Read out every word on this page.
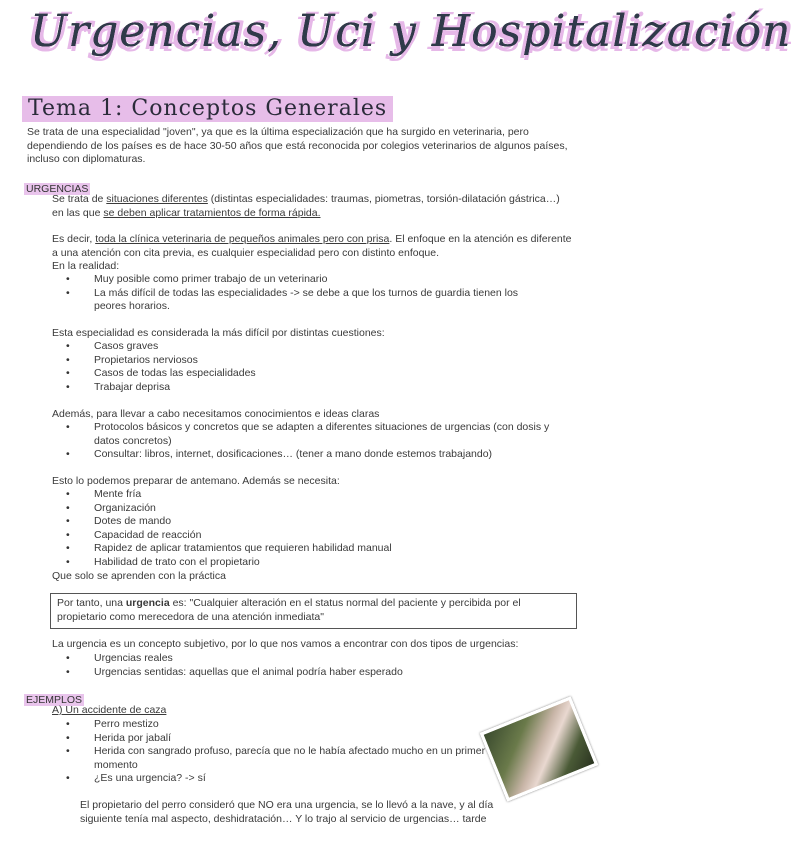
Urgencias, Uci y Hospitalización
Tema 1: Conceptos Generales
Se trata de una especialidad "joven", ya que es la última especialización que ha surgido en veterinaria, pero dependiendo de los países es de hace 30-50 años que está reconocida por colegios veterinarios de algunos países, incluso con diplomaturas.
URGENCIAS
Se trata de situaciones diferentes (distintas especialidades: traumas, piometras, torsión-dilatación gástrica…) en las que se deben aplicar tratamientos de forma rápida.
Es decir, toda la clínica veterinaria de pequeños animales pero con prisa. El enfoque en la atención es diferente a una atención con cita previa, es cualquier especialidad pero con distinto enfoque.
En la realidad:
• Muy posible como primer trabajo de un veterinario
• La más difícil de todas las especialidades -> se debe a que los turnos de guardia tienen los peores horarios.
Esta especialidad es considerada la más difícil por distintas cuestiones:
• Casos graves
• Propietarios nerviosos
• Casos de todas las especialidades
• Trabajar deprisa
Además, para llevar a cabo necesitamos conocimientos e ideas claras
• Protocolos básicos y concretos que se adapten a diferentes situaciones de urgencias (con dosis y datos concretos)
• Consultar: libros, internet, dosificaciones… (tener a mano donde estemos trabajando)
Esto lo podemos preparar de antemano. Además se necesita:
• Mente fría
• Organización
• Dotes de mando
• Capacidad de reacción
• Rapidez de aplicar tratamientos que requieren habilidad manual
• Habilidad de trato con el propietario
Que solo se aprenden con la práctica
Por tanto, una urgencia es: "Cualquier alteración en el status normal del paciente y percibida por el propietario como merecedora de una atención inmediata"
La urgencia es un concepto subjetivo, por lo que nos vamos a encontrar con dos tipos de urgencias:
• Urgencias reales
• Urgencias sentidas: aquellas que el animal podría haber esperado
EJEMPLOS
A) Un accidente de caza
• Perro mestizo
• Herida por jabalí
• Herida con sangrado profuso, parecía que no le había afectado mucho en un primer momento
• ¿Es una urgencia? -> sí
El propietario del perro consideró que NO era una urgencia, se lo llevó a la nave, y al día siguiente tenía mal aspecto, deshidratación… Y lo trajo al servicio de urgencias… tarde
